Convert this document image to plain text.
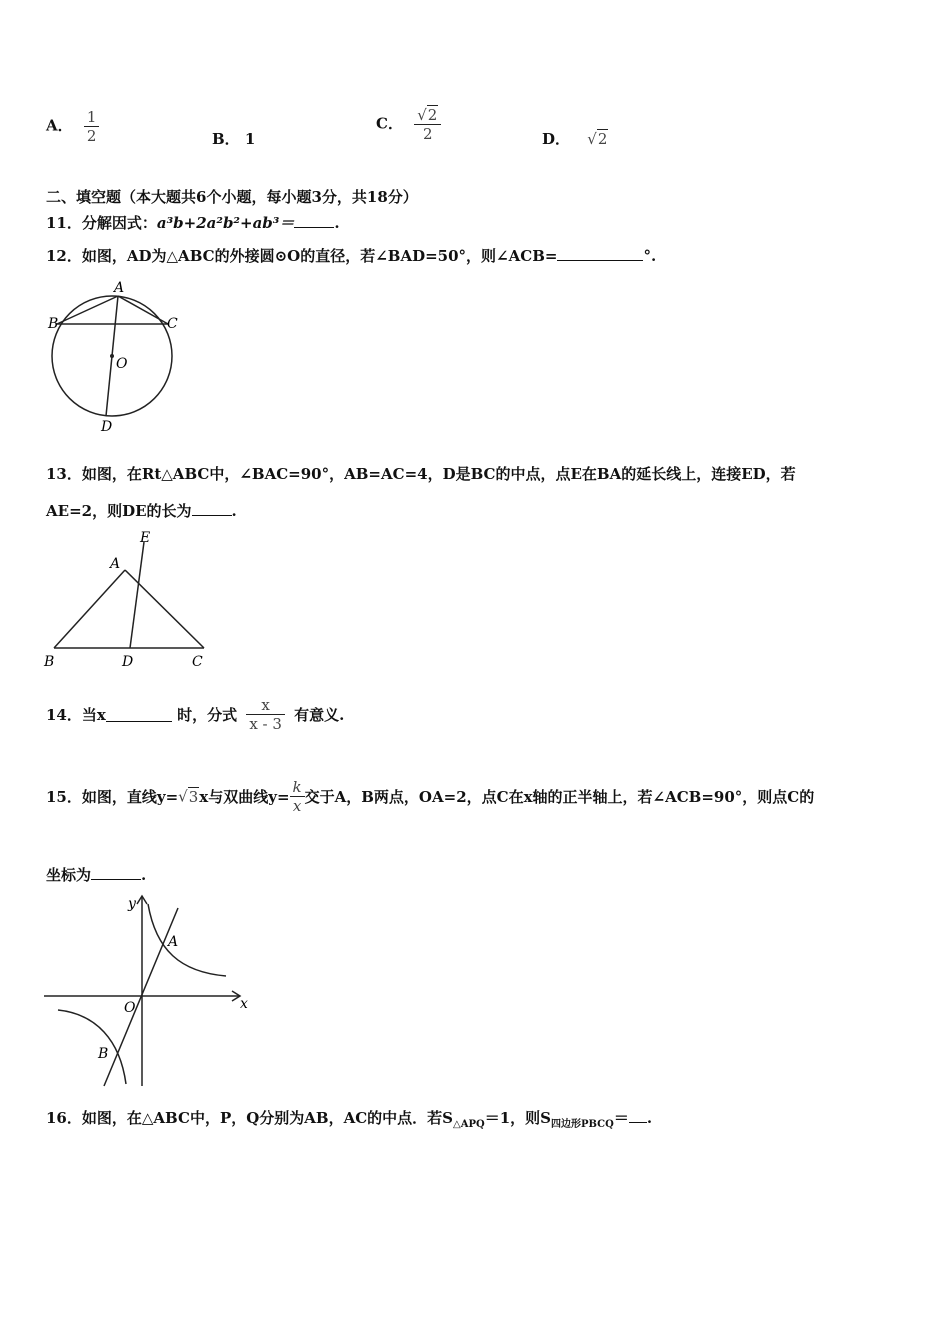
A． $\frac{1}{2}$	B． 1
C． $\frac{√2}{2}$	D． √2
二、填空题（本大题共6个小题，每小题3分，共18分）
11．分解因式：a³b+2a²b²+ab³＝	.
12．如图，AD为△ABC的外接圆⊙O的直径，若∠BAD=50°，则∠ACB=	°.
A
B	C
O
D
13．如图，在Rt△ABC中，∠BAC=90°，AB=AC=4，D是BC的中点，点E在BA的延长线上，连接ED，若
AE=2，则DE的长为	.
E
A
B	D	C
14．当x	时，分式 $\frac{x}{x - 3}$ 有意义.
15．如图，直线y=√3x与双曲线$y= \frac{k}{x}$ 交于A，B两点，OA=2，点C在x轴的正半轴上，若∠ACB=90°，则点C的
坐标为	.
y
x
O
A
B
16．如图，在△ABC中，P，Q分别为AB，AC的中点．若$S_{\triangle APQ}=1$，则$S_{四边形PBCQ}=$ .
